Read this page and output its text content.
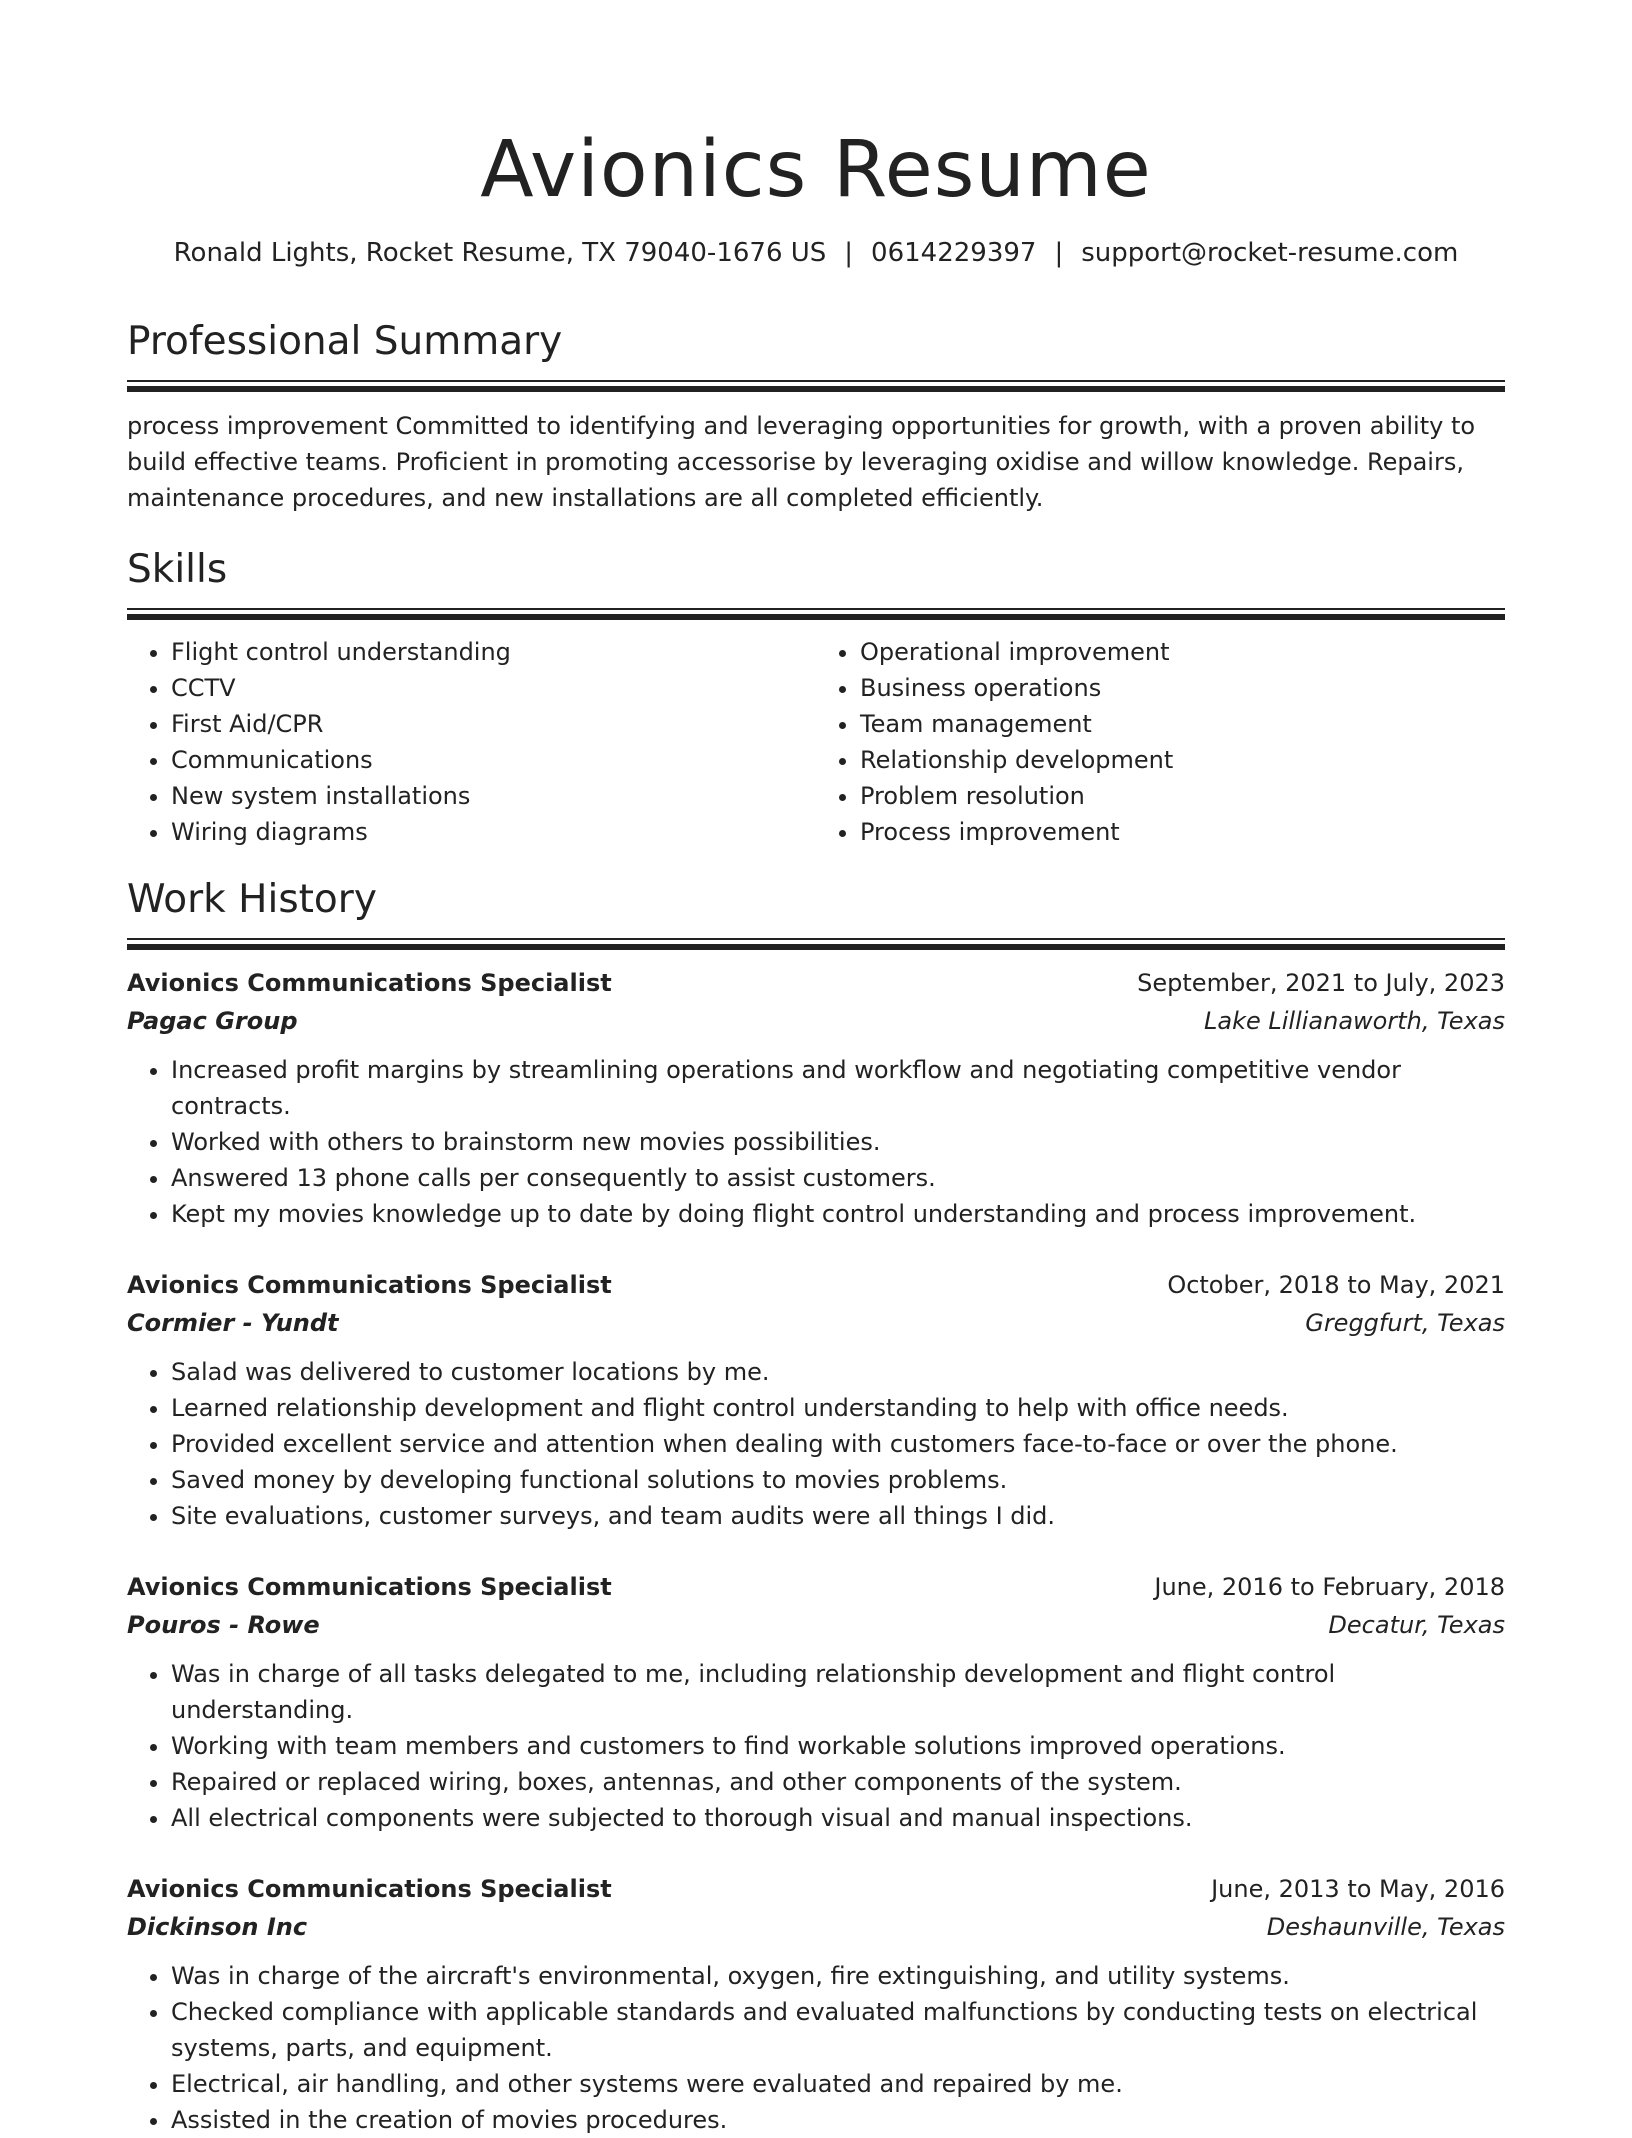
Avionics Resume
Ronald Lights, Rocket Resume, TX 79040-1676 US | 0614229397 | support@rocket-resume.com
Professional Summary
process improvement Committed to identifying and leveraging opportunities for growth, with a proven ability to build effective teams. Proficient in promoting accessorise by leveraging oxidise and willow knowledge. Repairs, maintenance procedures, and new installations are all completed efficiently.
Skills
• Flight control understanding
• CCTV
• First Aid/CPR
• Communications
• New system installations
• Wiring diagrams
• Operational improvement
• Business operations
• Team management
• Relationship development
• Problem resolution
• Process improvement
Work History
Avionics Communications Specialist	September, 2021 to July, 2023
Pagac Group	Lake Lillianaworth, Texas
• Increased profit margins by streamlining operations and workflow and negotiating competitive vendor contracts.
• Worked with others to brainstorm new movies possibilities.
• Answered 13 phone calls per consequently to assist customers.
• Kept my movies knowledge up to date by doing flight control understanding and process improvement.
Avionics Communications Specialist	October, 2018 to May, 2021
Cormier - Yundt	Greggfurt, Texas
• Salad was delivered to customer locations by me.
• Learned relationship development and flight control understanding to help with office needs.
• Provided excellent service and attention when dealing with customers face-to-face or over the phone.
• Saved money by developing functional solutions to movies problems.
• Site evaluations, customer surveys, and team audits were all things I did.
Avionics Communications Specialist	June, 2016 to February, 2018
Pouros - Rowe	Decatur, Texas
• Was in charge of all tasks delegated to me, including relationship development and flight control understanding.
• Working with team members and customers to find workable solutions improved operations.
• Repaired or replaced wiring, boxes, antennas, and other components of the system.
• All electrical components were subjected to thorough visual and manual inspections.
Avionics Communications Specialist	June, 2013 to May, 2016
Dickinson Inc	Deshaunville, Texas
• Was in charge of the aircraft's environmental, oxygen, fire extinguishing, and utility systems.
• Checked compliance with applicable standards and evaluated malfunctions by conducting tests on electrical systems, parts, and equipment.
• Electrical, air handling, and other systems were evaluated and repaired by me.
• Assisted in the creation of movies procedures.
